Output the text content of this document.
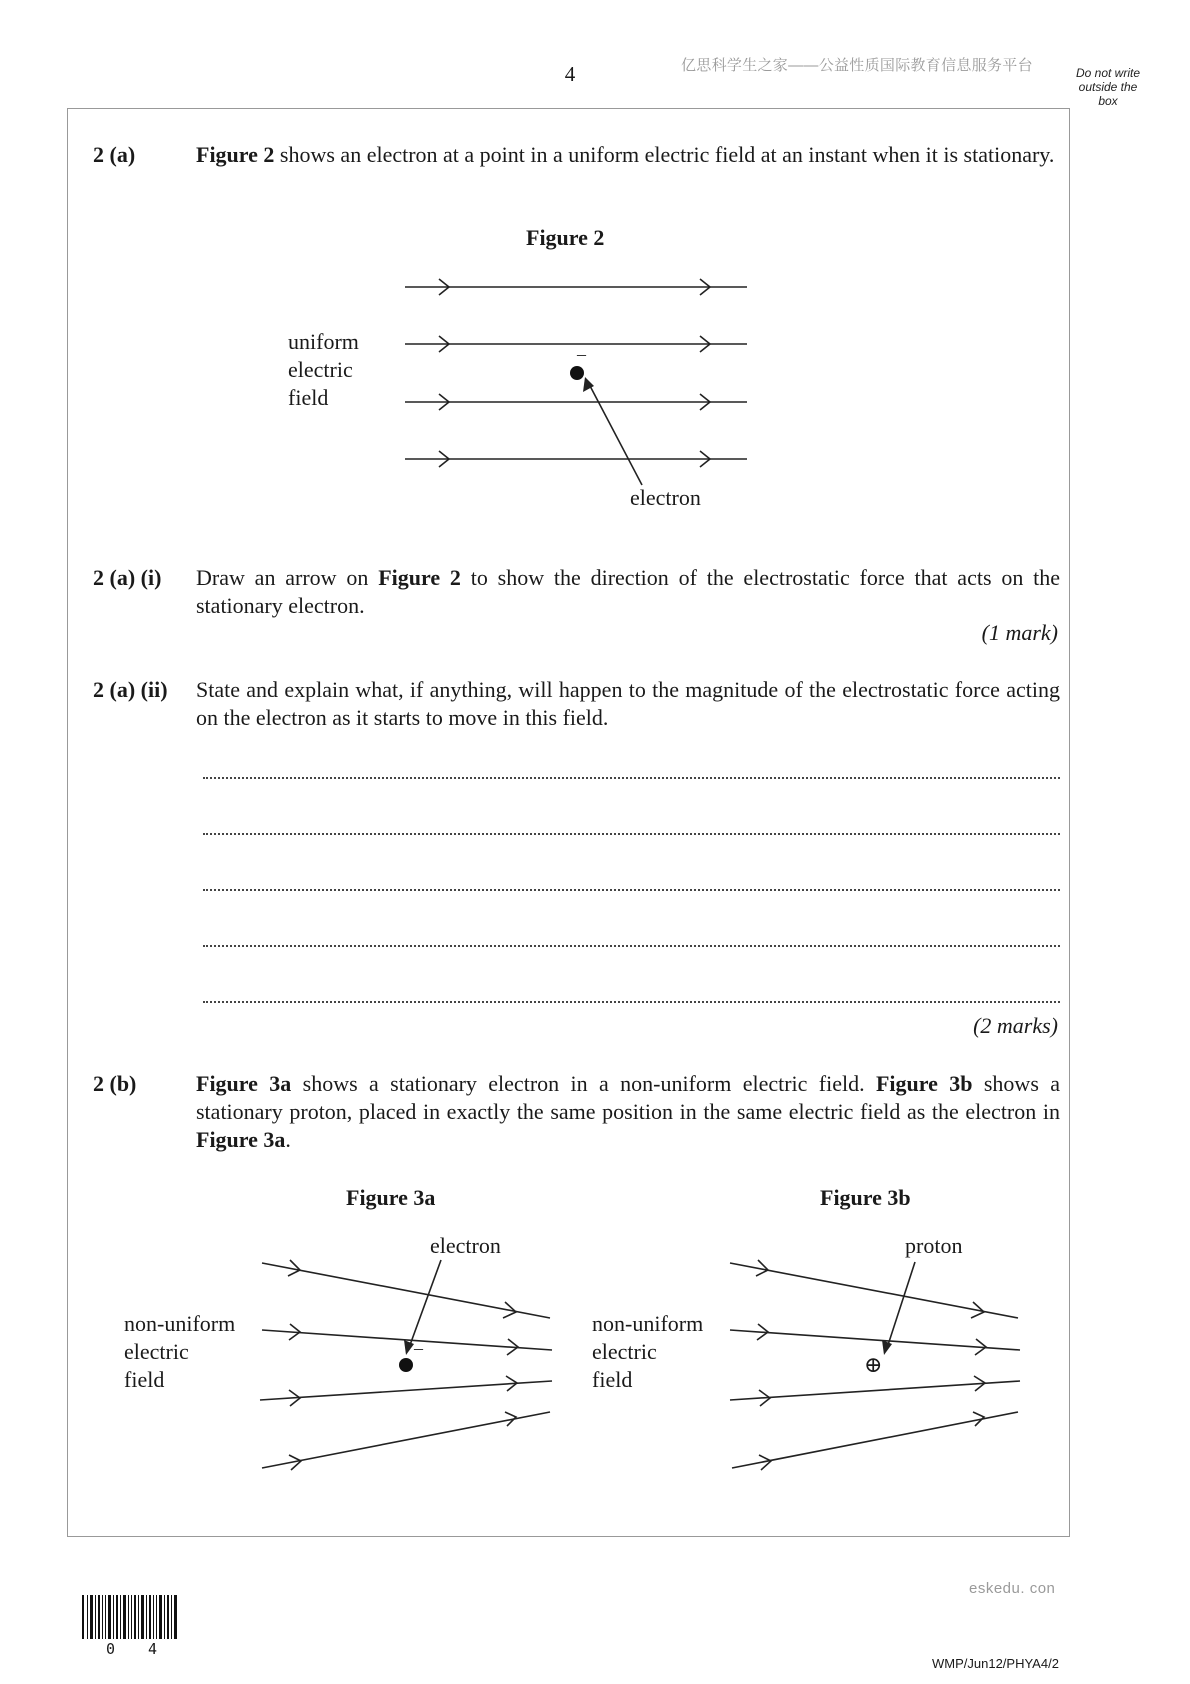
4	亿思科学生之家——公益性质国际教育信息服务平台	Do not write outside the box
2 (a)	Figure 2 shows an electron at a point in a uniform electric field at an instant when it is stationary.
Figure 2
uniform
electric
field
electron
–
2 (a) (i) Draw an arrow on Figure 2 to show the direction of the electrostatic force that acts on the stationary electron.
(1 mark)
2 (a) (ii) State and explain what, if anything, will happen to the magnitude of the electrostatic force acting on the electron as it starts to move in this field.
(2 marks)
2 (b)	Figure 3a shows a stationary electron in a non-uniform electric field. Figure 3b shows a stationary proton, placed in exactly the same position in the same electric field as the electron in Figure 3a.
Figure 3a
electron
non-uniform
electric
field
–
Figure 3b
proton
non-uniform
electric
field
⊕
eskedu. con
0 4
WMP/Jun12/PHYA4/2
